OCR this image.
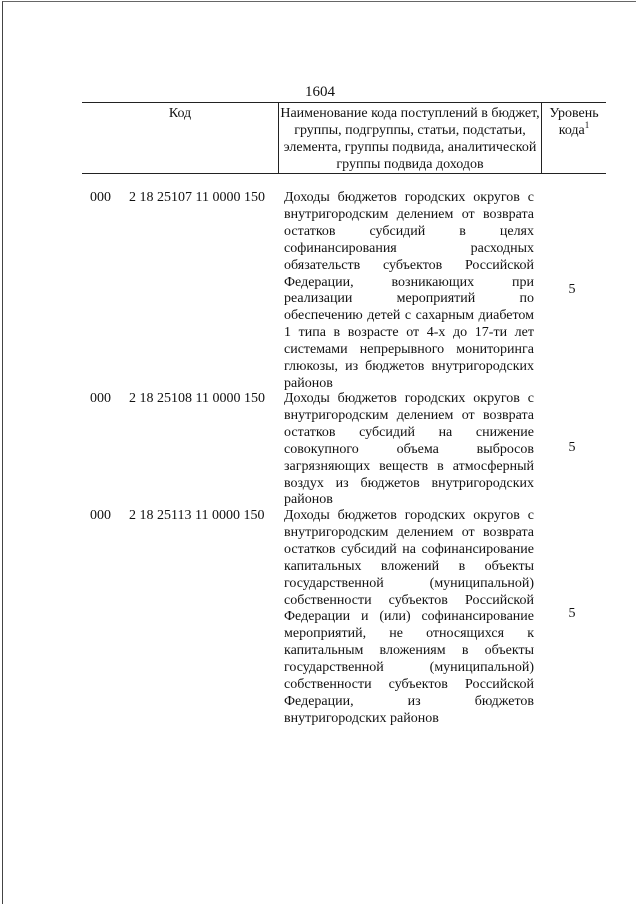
1604
Код	Наименование кода поступлений в бюджет, группы, подгруппы, статьи, подстатьи, элемента, группы подвида, аналитической группы подвида доходов
Уровень кода$^1$
000	2 18 25107 11 0000 150 Доходы бюджетов городских округов с внутригородским делением от возврата остатков субсидий в целях софинансирования расходных обязательств субъектов Российской Федерации, возникающих при реализации мероприятий по обеспечению детей с сахарным диабетом 1 типа в возрасте от 4-х до 17-ти лет системами непрерывного мониторинга глюкозы, из бюджетов внутригородских районов
5
000	2 18 25108 11 0000 150 Доходы бюджетов городских округов с внутригородским делением от возврата остатков субсидий на снижение совокупного объема выбросов загрязняющих веществ в атмосферный воздух из бюджетов внутригородских районов
5
000	2 18 25113 11 0000 150 Доходы бюджетов городских округов с внутригородским делением от возврата остатков субсидий на софинансирование капитальных вложений в объекты государственной (муниципальной) собственности субъектов Российской Федерации и (или) софинансирование мероприятий, не относящихся к капитальным вложениям в объекты государственной (муниципальной) собственности субъектов Российской Федерации, из бюджетов внутригородских районов
5
